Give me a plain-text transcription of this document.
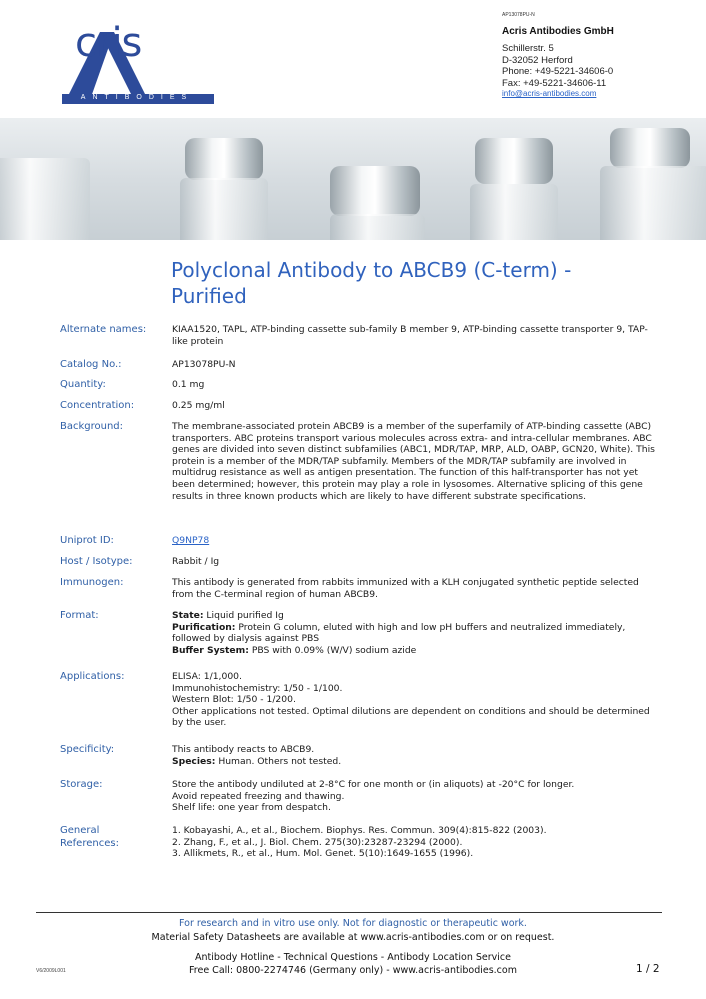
cris
ANTIBODIES
AP13078PU-N
Acris Antibodies GmbH
Schillerstr. 5
D-32052 Herford
Phone: +49-5221-34606-0
Fax: +49-5221-34606-11
info@acris-antibodies.com
Polyclonal Antibody to ABCB9 (C-term) - Purified
Alternate names:	KIAA1520, TAPL, ATP-binding cassette sub-family B member 9, ATP-binding cassette transporter 9, TAP-like protein
Catalog No.:	AP13078PU-N
Quantity:	0.1 mg
Concentration:	0.25 mg/ml
Background:	The membrane-associated protein ABCB9 is a member of the superfamily of ATP-binding cassette (ABC) transporters. ABC proteins transport various molecules across extra- and intra-cellular membranes. ABC genes are divided into seven distinct subfamilies (ABC1, MDR/TAP, MRP, ALD, OABP, GCN20, White). This protein is a member of the MDR/TAP subfamily. Members of the MDR/TAP subfamily are involved in multidrug resistance as well as antigen presentation. The function of this half-transporter has not yet been determined; however, this protein may play a role in lysosomes. Alternative splicing of this gene results in three known products which are likely to have different substrate specifications.
Uniprot ID:	Q9NP78
Host / Isotype:	Rabbit / Ig
Immunogen:	This antibody is generated from rabbits immunized with a KLH conjugated synthetic peptide selected from the C-terminal region of human ABCB9.
Format:	State: Liquid purified Ig

Purification: Protein G column, eluted with high and low pH buffers and neutralized immediately, followed by dialysis against PBS

Buffer System: PBS with 0.09% (W/V) sodium azide

Applications:	ELISA: 1/1,000.

Immunohistochemistry: 1/50 - 1/100.

Western Blot: 1/50 - 1/200.

Other applications not tested. Optimal dilutions are dependent on conditions and should be determined by the user.

Specificity:	This antibody reacts to ABCB9.

Species: Human. Others not tested.

Storage:	Store the antibody undiluted at 2-8°C for one month or (in aliquots) at -20°C for longer.

Avoid repeated freezing and thawing.

Shelf life: one year from despatch.

General
References:

1. Kobayashi, A., et al., Biochem. Biophys. Res. Commun. 309(4):815-822 (2003).

2. Zhang, F., et al., J. Biol. Chem. 275(30):23287-23294 (2000).

3. Allikmets, R., et al., Hum. Mol. Genet. 5(10):1649-1655 (1996).

For research and in vitro use only. Not for diagnostic or therapeutic work.
Material Safety Datasheets are available at www.acris-antibodies.com or on request.
Antibody Hotline - Technical Questions - Antibody Location Service
Free Call: 0800-2274746 (Germany only) - www.acris-antibodies.com
V6/2009L001	1 / 2
